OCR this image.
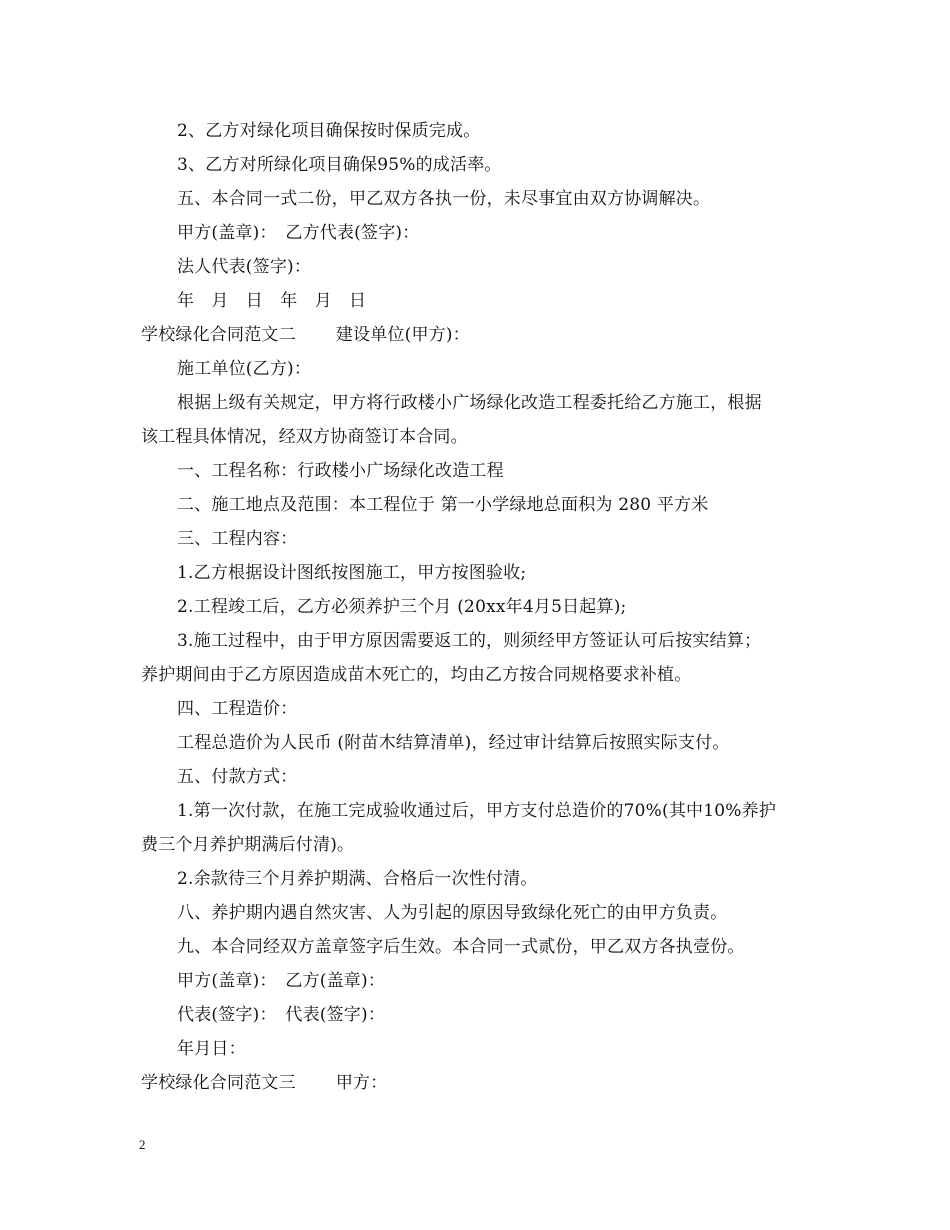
2、乙方对绿化项目确保按时保质完成。
3、乙方对所绿化项目确保95%的成活率。
五、本合同一式二份，甲乙双方各执一份，未尽事宜由双方协调解决。
甲方(盖章)：　乙方代表(签字)：
法人代表(签字)：
年　月　日　年　月　日
学校绿化合同范文二 建设单位(甲方)：
施工单位(乙方)：
根据上级有关规定，甲方将行政楼小广场绿化改造工程委托给乙方施工，根据
该工程具体情况，经双方协商签订本合同。
一、工程名称：行政楼小广场绿化改造工程
二、施工地点及范围：本工程位于 第一小学绿地总面积为 280 平方米
三、工程内容：
1.乙方根据设计图纸按图施工，甲方按图验收;
2.工程竣工后，乙方必须养护三个月 (20xx年4月5日起算);
3.施工过程中，由于甲方原因需要返工的，则须经甲方签证认可后按实结算；
养护期间由于乙方原因造成苗木死亡的，均由乙方按合同规格要求补植。
四、工程造价：
工程总造价为人民币 (附苗木结算清单)，经过审计结算后按照实际支付。
五、付款方式：
1.第一次付款，在施工完成验收通过后，甲方支付总造价的70%(其中10%养护
费三个月养护期满后付清)。
2.余款待三个月养护期满、合格后一次性付清。
八、养护期内遇自然灾害、人为引起的原因导致绿化死亡的由甲方负责。
九、本合同经双方盖章签字后生效。本合同一式贰份，甲乙双方各执壹份。
甲方(盖章)：　乙方(盖章)：
代表(签字)：　代表(签字)：
年月日：
学校绿化合同范文三 甲方：
2
